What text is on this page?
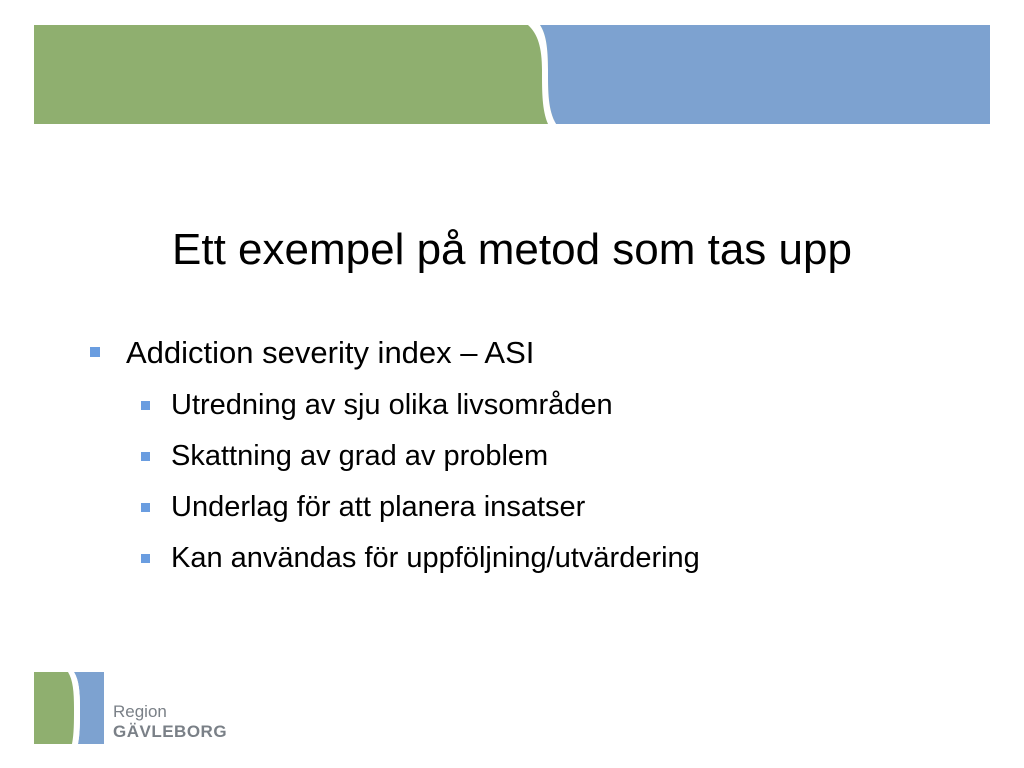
Ett exempel på metod som tas upp
Addiction severity index – ASI
Utredning av sju olika livsområden
Skattning av grad av problem
Underlag för att planera insatser
Kan användas för uppföljning/utvärdering
Region
GÄVLEBORG
